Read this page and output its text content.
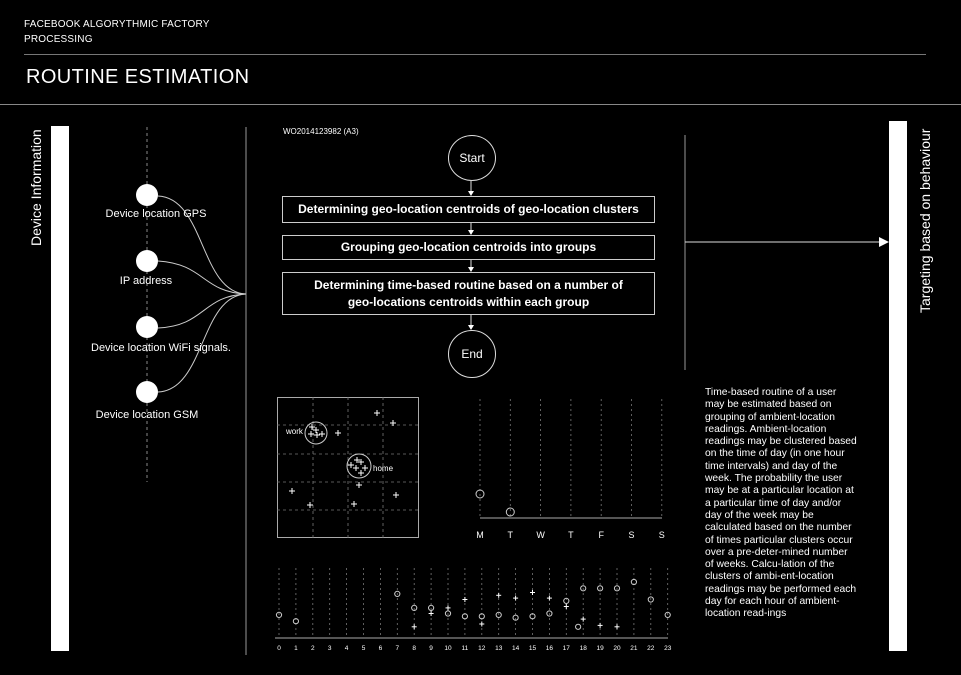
FACEBOOK ALGORYTHMIC FACTORY
PROCESSING
ROUTINE ESTIMATION
Device Information	Targeting based on behaviour
Device location GPS
IP address
Device location WiFi signals.
Device location GSM
WO2014123982 (A3)
Start
Determining geo-location centroids of geo-location clusters
Grouping geo-location centroids into groups
Determining time-based routine based on a number of geo-locations centroids within each group
End
work
home
M	T	W	T	F	S	S
0 1 2 3 4 5 6 7 8 9 10 11 12 13 14 15 16 17 18 19 20 21 22 23
Time-based routine of a user may be estimated based on grouping of ambient-location readings. Ambient-location readings may be clustered based on the time of day (in one hour time intervals) and day of the week. The probability the user may be at a particular location at a particular time of day and/or day of the week may be calculated based on the number of times particular clusters occur over a pre-deter-mined number of weeks. Calcu-lation of the clusters of ambi-ent-location readings may be performed each day for each hour of ambient-location read-ings
